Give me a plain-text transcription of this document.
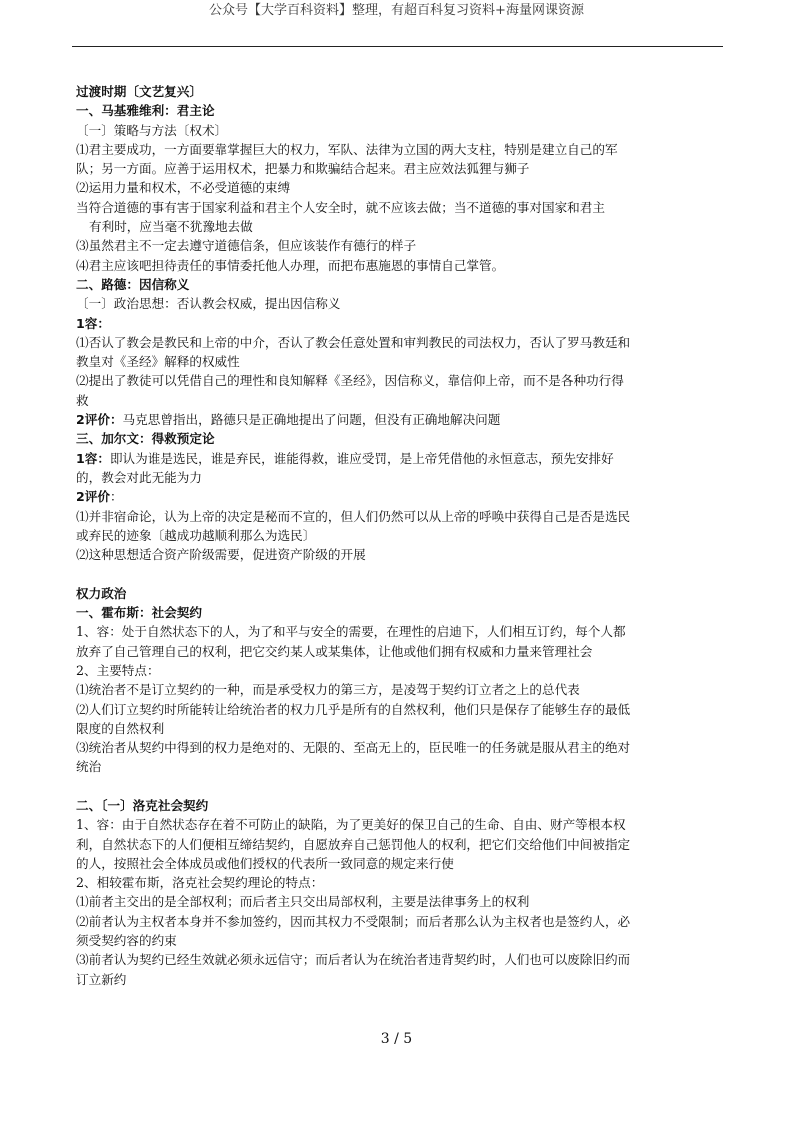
公众号【大学百科资料】整理，有超百科复习资料+海量网课资源
过渡时期〔文艺复兴〕
一、马基雅维利：君主论
〔一〕策略与方法〔权术〕
⑴君主要成功，一方面要靠掌握巨大的权力，军队、法律为立国的两大支柱，特别是建立自己的军
队；另一方面。应善于运用权术，把暴力和欺骗结合起来。君主应效法狐狸与狮子
⑵运用力量和权术，不必受道德的束缚
当符合道德的事有害于国家利益和君主个人安全时，就不应该去做；当不道德的事对国家和君主
有利时，应当毫不犹豫地去做
⑶虽然君主不一定去遵守道德信条，但应该装作有德行的样子
⑷君主应该吧担待责任的事情委托他人办理，而把布惠施恩的事情自己掌管。
二、路德：因信称义
〔一〕政治思想：否认教会权威，提出因信称义
1容：
⑴否认了教会是教民和上帝的中介，否认了教会任意处置和审判教民的司法权力，否认了罗马教廷和
教皇对《圣经》解释的权威性
⑵提出了教徒可以凭借自己的理性和良知解释《圣经》，因信称义，靠信仰上帝，而不是各种功行得
救
2评价：马克思曾指出，路德只是正确地提出了问题，但没有正确地解决问题
三、加尔文：得救预定论
1容：即认为谁是选民，谁是弃民，谁能得救，谁应受罚，是上帝凭借他的永恒意志，预先安排好
的，教会对此无能为力
2评价：
⑴并非宿命论，认为上帝的决定是秘而不宣的，但人们仍然可以从上帝的呼唤中获得自己是否是选民
或弃民的迹象〔越成功越顺利那么为选民〕
⑵这种思想适合资产阶级需要，促进资产阶级的开展
权力政治
一、霍布斯：社会契约
1、容：处于自然状态下的人，为了和平与安全的需要，在理性的启迪下，人们相互订约，每个人都
放弃了自己管理自己的权利，把它交约某人或某集体，让他或他们拥有权威和力量来管理社会
2、主要特点：
⑴统治者不是订立契约的一种，而是承受权力的第三方，是凌驾于契约订立者之上的总代表
⑵人们订立契约时所能转让给统治者的权力几乎是所有的自然权利，他们只是保存了能够生存的最低
限度的自然权利
⑶统治者从契约中得到的权力是绝对的、无限的、至高无上的，臣民唯一的任务就是服从君主的绝对
统治
二、〔一〕洛克社会契约
1、容：由于自然状态存在着不可防止的缺陷，为了更美好的保卫自己的生命、自由、财产等根本权
利，自然状态下的人们便相互缔结契约，自愿放弃自己惩罚他人的权利，把它们交给他们中间被指定
的人，按照社会全体成员或他们授权的代表所一致同意的规定来行使
2、相较霍布斯，洛克社会契约理论的特点：
⑴前者主交出的是全部权利；而后者主只交出局部权利，主要是法律事务上的权利
⑵前者认为主权者本身并不参加签约，因而其权力不受限制；而后者那么认为主权者也是签约人，必
须受契约容的约束
⑶前者认为契约已经生效就必须永远信守；而后者认为在统治者违背契约时，人们也可以废除旧约而
订立新约
3 / 5
